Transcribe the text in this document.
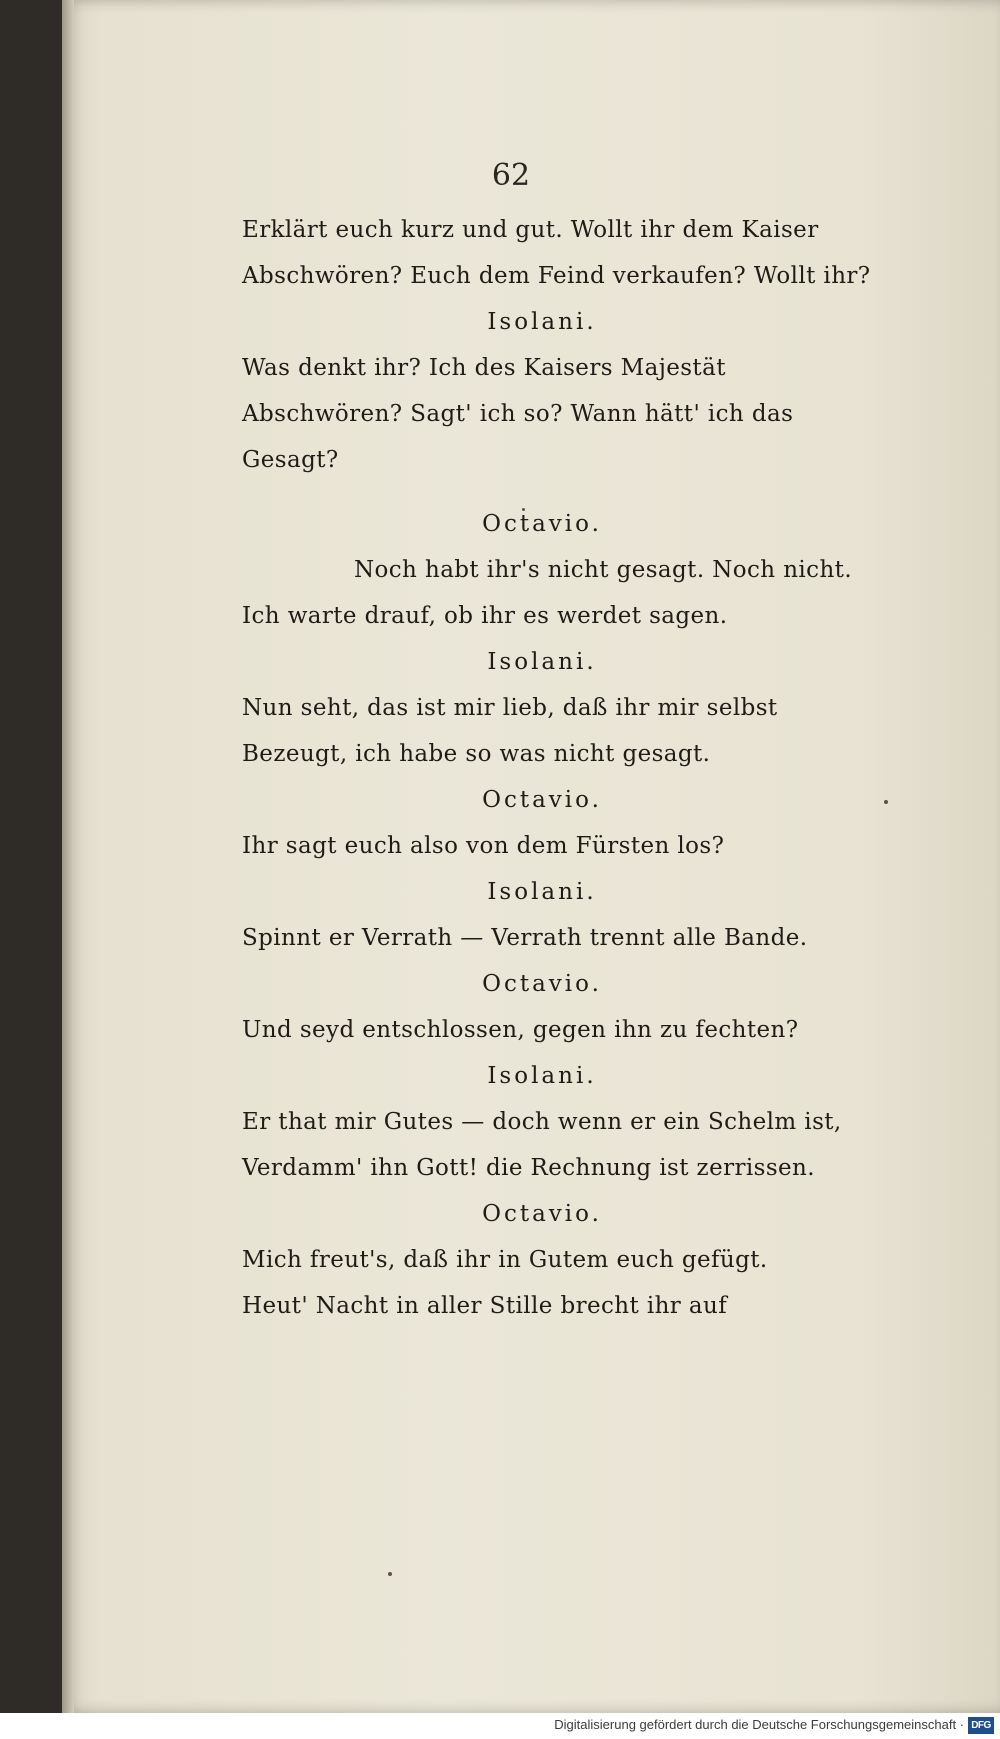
62
Erklärt euch kurz und gut. Wollt ihr dem Kaiser
Abschwören? Euch dem Feind verkaufen? Wollt ihr?
Isolani.
Was denkt ihr? Ich des Kaisers Majestät
Abschwören? Sagt' ich so? Wann hätt' ich das
Gesagt?
Octavio.
Noch habt ihr's nicht gesagt. Noch nicht.
Ich warte drauf, ob ihr es werdet sagen.
Isolani.
Nun seht, das ist mir lieb, daß ihr mir selbst
Bezeugt, ich habe so was nicht gesagt.
Octavio.
Ihr sagt euch also von dem Fürsten los?
Isolani.
Spinnt er Verrath — Verrath trennt alle Bande.
Octavio.
Und seyd entschlossen, gegen ihn zu fechten?
Isolani.
Er that mir Gutes — doch wenn er ein Schelm ist,
Verdamm' ihn Gott! die Rechnung ist zerrissen.
Octavio.
Mich freut's, daß ihr in Gutem euch gefügt.
Heut' Nacht in aller Stille brecht ihr auf
Digitalisierung gefördert durch die Deutsche Forschungsgemeinschaft · DFG
